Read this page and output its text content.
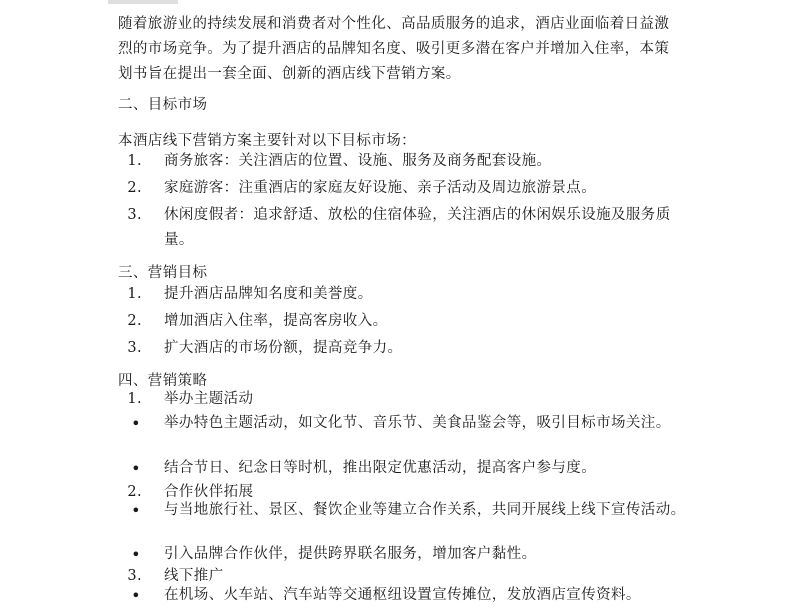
随着旅游业的持续发展和消费者对个性化、高品质服务的追求，酒店业面临着日益激烈的市场竞争。为了提升酒店的品牌知名度、吸引更多潜在客户并增加入住率，本策划书旨在提出一套全面、创新的酒店线下营销方案。
二、目标市场
本酒店线下营销方案主要针对以下目标市场：
1. 商务旅客：关注酒店的位置、设施、服务及商务配套设施。
2. 家庭游客：注重酒店的家庭友好设施、亲子活动及周边旅游景点。
3. 休闲度假者：追求舒适、放松的住宿体验，关注酒店的休闲娱乐设施及服务质量。
三、营销目标
1. 提升酒店品牌知名度和美誉度。
2. 增加酒店入住率，提高客房收入。
3. 扩大酒店的市场份额，提高竞争力。
四、营销策略
1. 举办主题活动
• 举办特色主题活动，如文化节、音乐节、美食品鉴会等，吸引目标市场关注。
• 结合节日、纪念日等时机，推出限定优惠活动，提高客户参与度。
2. 合作伙伴拓展
• 与当地旅行社、景区、餐饮企业等建立合作关系，共同开展线上线下宣传活动。
• 引入品牌合作伙伴，提供跨界联名服务，增加客户黏性。
3. 线下推广
• 在机场、火车站、汽车站等交通枢纽设置宣传摊位，发放酒店宣传资料。
